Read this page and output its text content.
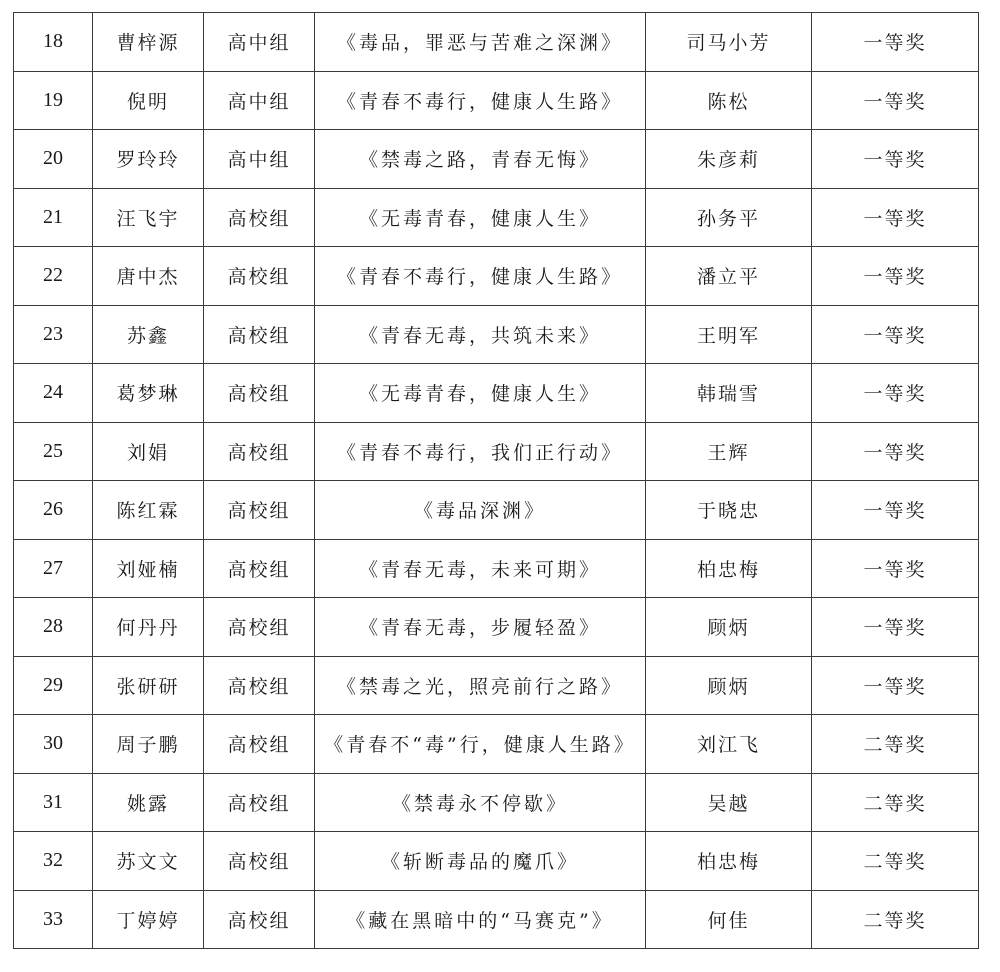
18	曹梓源	高中组	《毒品，罪恶与苦难之深渊》	司马小芳	一等奖
19	倪明	高中组	《青春不毒行，健康人生路》	陈松	一等奖
20	罗玲玲	高中组	《禁毒之路，青春无悔》	朱彦莉	一等奖
21	汪飞宇	高校组	《无毒青春，健康人生》	孙务平	一等奖
22	唐中杰	高校组	《青春不毒行，健康人生路》	潘立平	一等奖
23	苏鑫	高校组	《青春无毒，共筑未来》	王明军	一等奖
24	葛梦琳	高校组	《无毒青春，健康人生》	韩瑞雪	一等奖
25	刘娟	高校组	《青春不毒行，我们正行动》	王辉	一等奖
26	陈红霖	高校组	《毒品深渊》	于晓忠	一等奖
27	刘娅楠	高校组	《青春无毒，未来可期》	柏忠梅	一等奖
28	何丹丹	高校组	《青春无毒，步履轻盈》	顾炳	一等奖
29	张研研	高校组	《禁毒之光，照亮前行之路》	顾炳	一等奖
30	周子鹏	高校组	《青春不“毒”行，健康人生路》	刘江飞	二等奖
31	姚露	高校组	《禁毒永不停歇》	吴越	二等奖
32	苏文文	高校组	《斩断毒品的魔爪》	柏忠梅	二等奖
33	丁婷婷	高校组	《藏在黑暗中的“马赛克”》	何佳	二等奖
